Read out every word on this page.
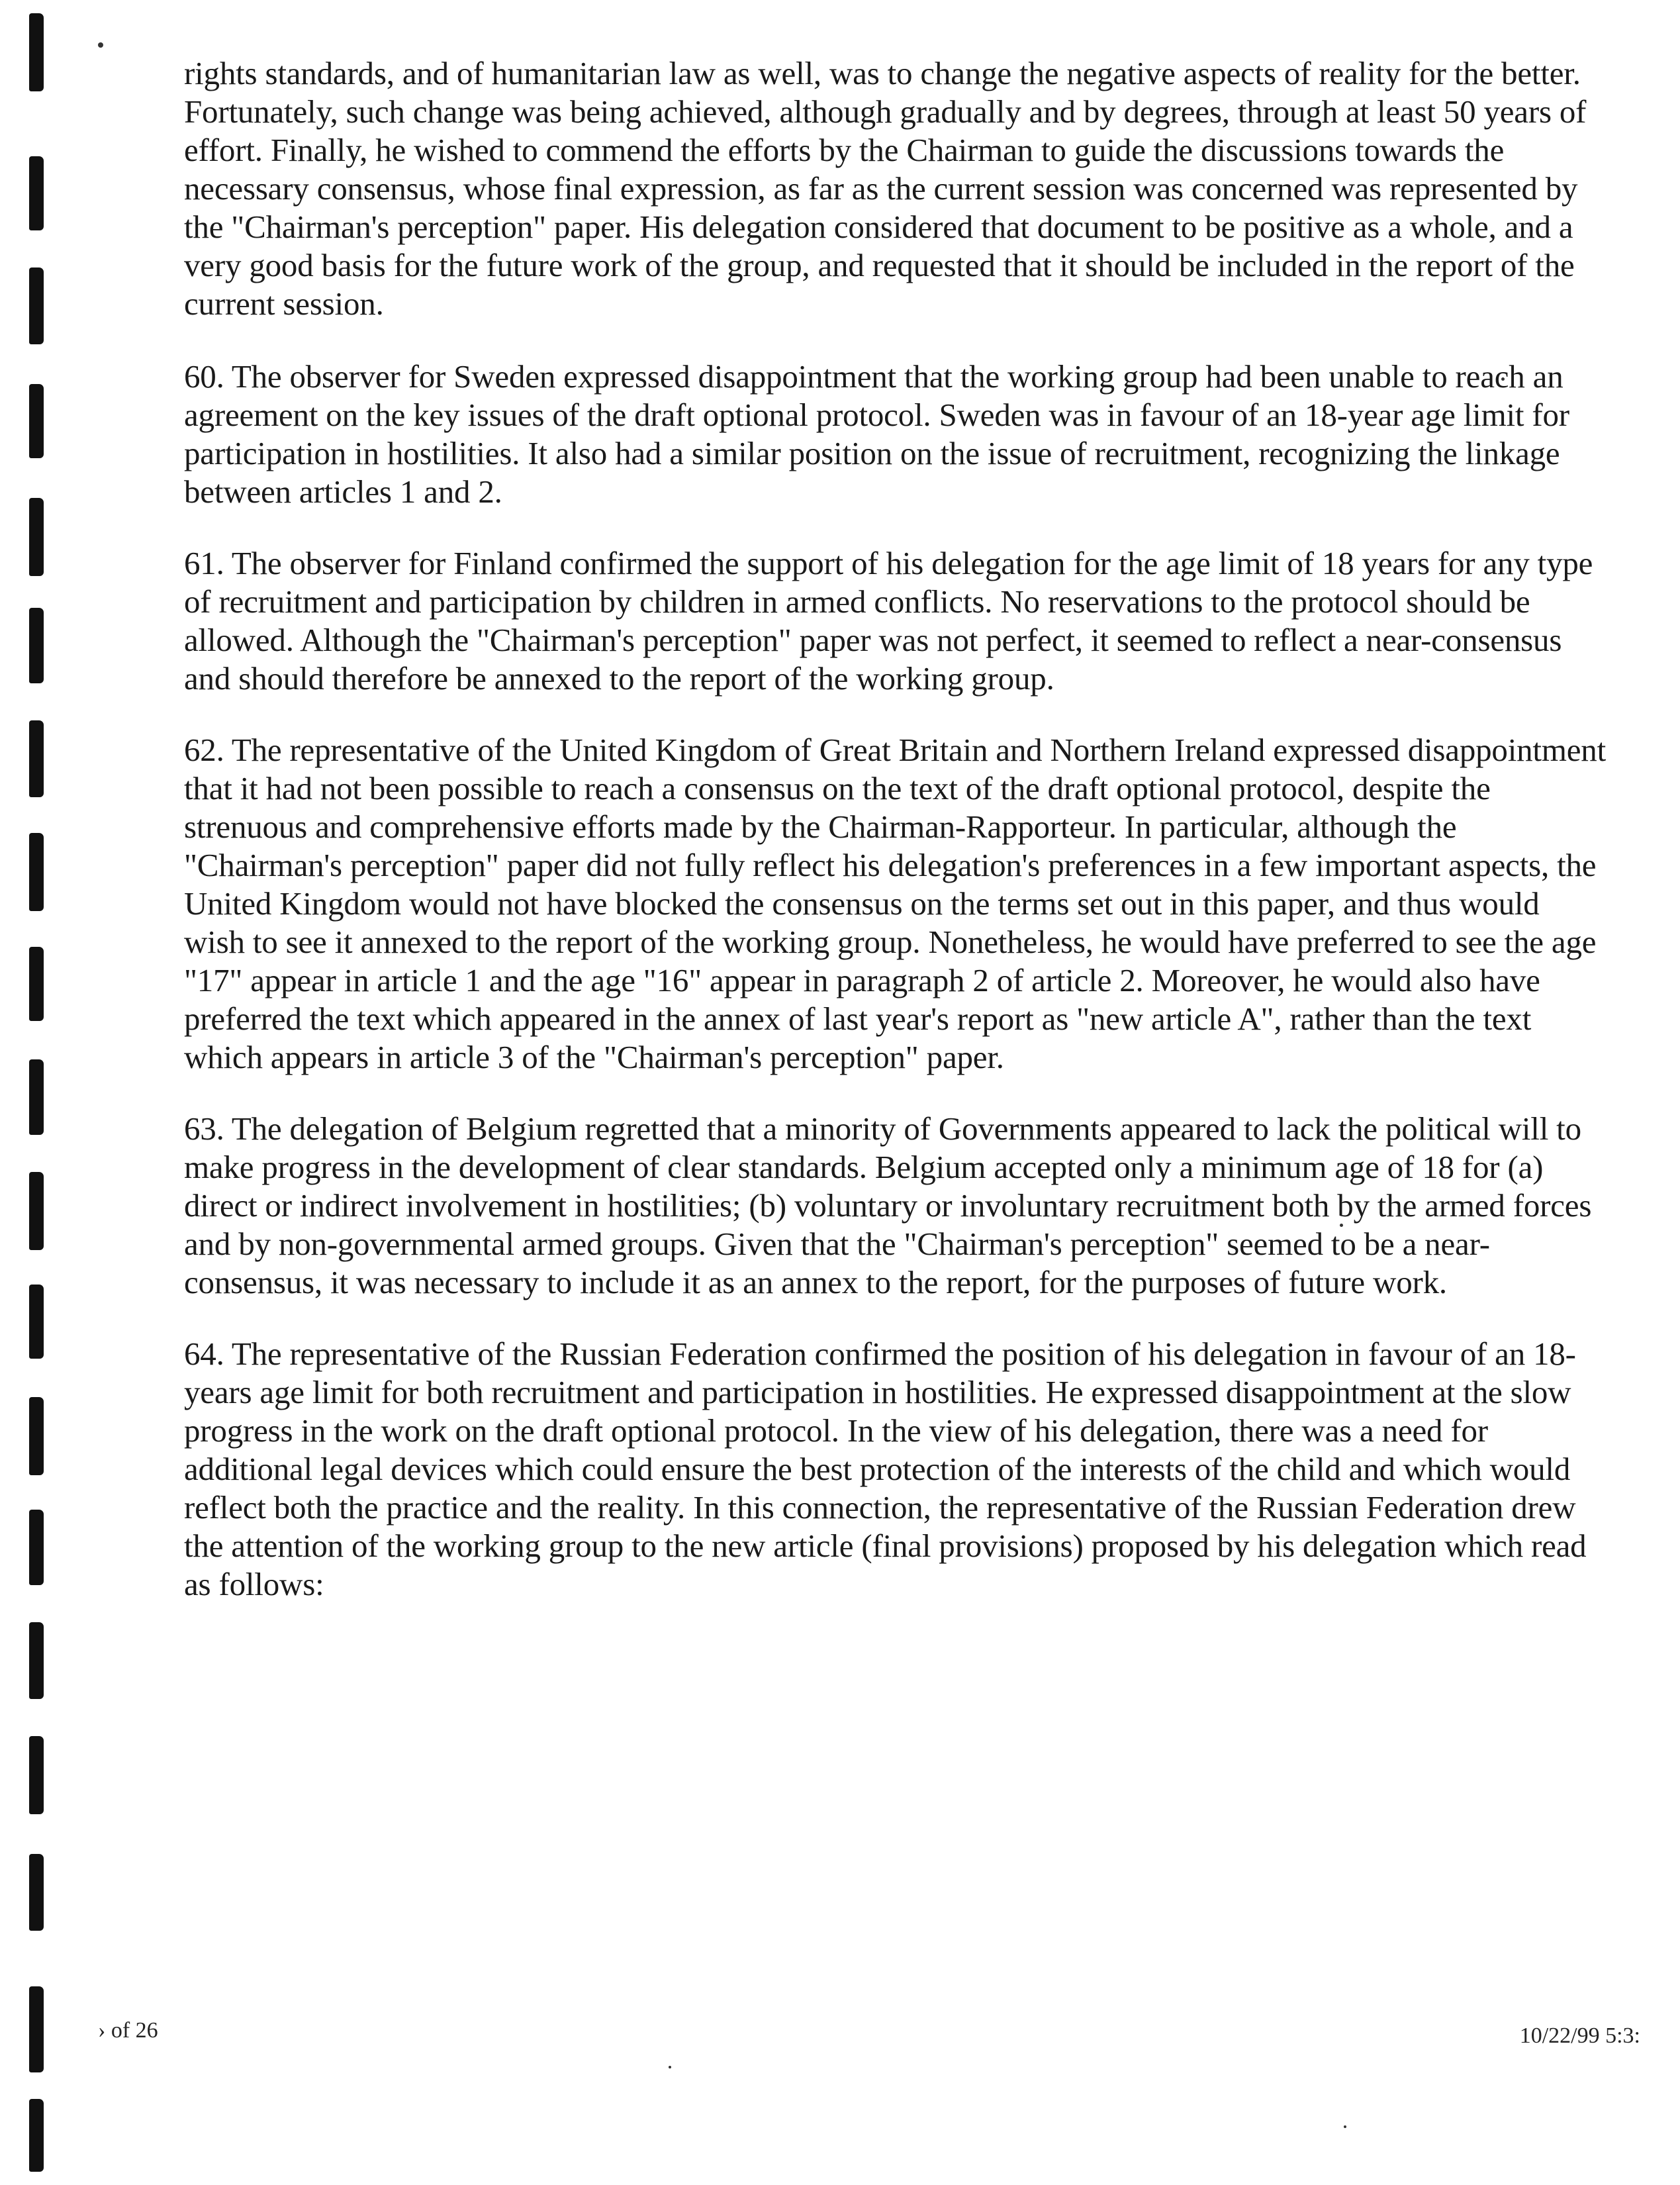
rights standards, and of humanitarian law as well, was to change the negative aspects of reality for the better. Fortunately, such change was being achieved, although gradually and by degrees, through at least 50 years of effort. Finally, he wished to commend the efforts by the Chairman to guide the discussions towards the necessary consensus, whose final expression, as far as the current session was concerned was represented by the "Chairman's perception" paper. His delegation considered that document to be positive as a whole, and a very good basis for the future work of the group, and requested that it should be included in the report of the current session.

60. The observer for Sweden expressed disappointment that the working group had been unable to reach an agreement on the key issues of the draft optional protocol. Sweden was in favour of an 18-year age limit for participation in hostilities. It also had a similar position on the issue of recruitment, recognizing the linkage between articles 1 and 2.

61. The observer for Finland confirmed the support of his delegation for the age limit of 18 years for any type of recruitment and participation by children in armed conflicts. No reservations to the protocol should be allowed. Although the "Chairman's perception" paper was not perfect, it seemed to reflect a near-consensus and should therefore be annexed to the report of the working group.

62. The representative of the United Kingdom of Great Britain and Northern Ireland expressed disappointment that it had not been possible to reach a consensus on the text of the draft optional protocol, despite the strenuous and comprehensive efforts made by the Chairman-Rapporteur. In particular, although the "Chairman's perception" paper did not fully reflect his delegation's preferences in a few important aspects, the United Kingdom would not have blocked the consensus on the terms set out in this paper, and thus would wish to see it annexed to the report of the working group. Nonetheless, he would have preferred to see the age "17" appear in article 1 and the age "16" appear in paragraph 2 of article 2. Moreover, he would also have preferred the text which appeared in the annex of last year's report as "new article A", rather than the text which appears in article 3 of the "Chairman's perception" paper.

63. The delegation of Belgium regretted that a minority of Governments appeared to lack the political will to make progress in the development of clear standards. Belgium accepted only a minimum age of 18 for (a) direct or indirect involvement in hostilities; (b) voluntary or involuntary recruitment both by the armed forces and by non-governmental armed groups. Given that the "Chairman's perception" seemed to be a near-consensus, it was necessary to include it as an annex to the report, for the purposes of future work.

64. The representative of the Russian Federation confirmed the position of his delegation in favour of an 18-years age limit for both recruitment and participation in hostilities. He expressed disappointment at the slow progress in the work on the draft optional protocol. In the view of his delegation, there was a need for additional legal devices which could ensure the best protection of the interests of the child and which would reflect both the practice and the reality. In this connection, the representative of the Russian Federation drew the attention of the working group to the new article (final provisions) proposed by his delegation which read as follows:

› of 26	10/22/99 5:3:
